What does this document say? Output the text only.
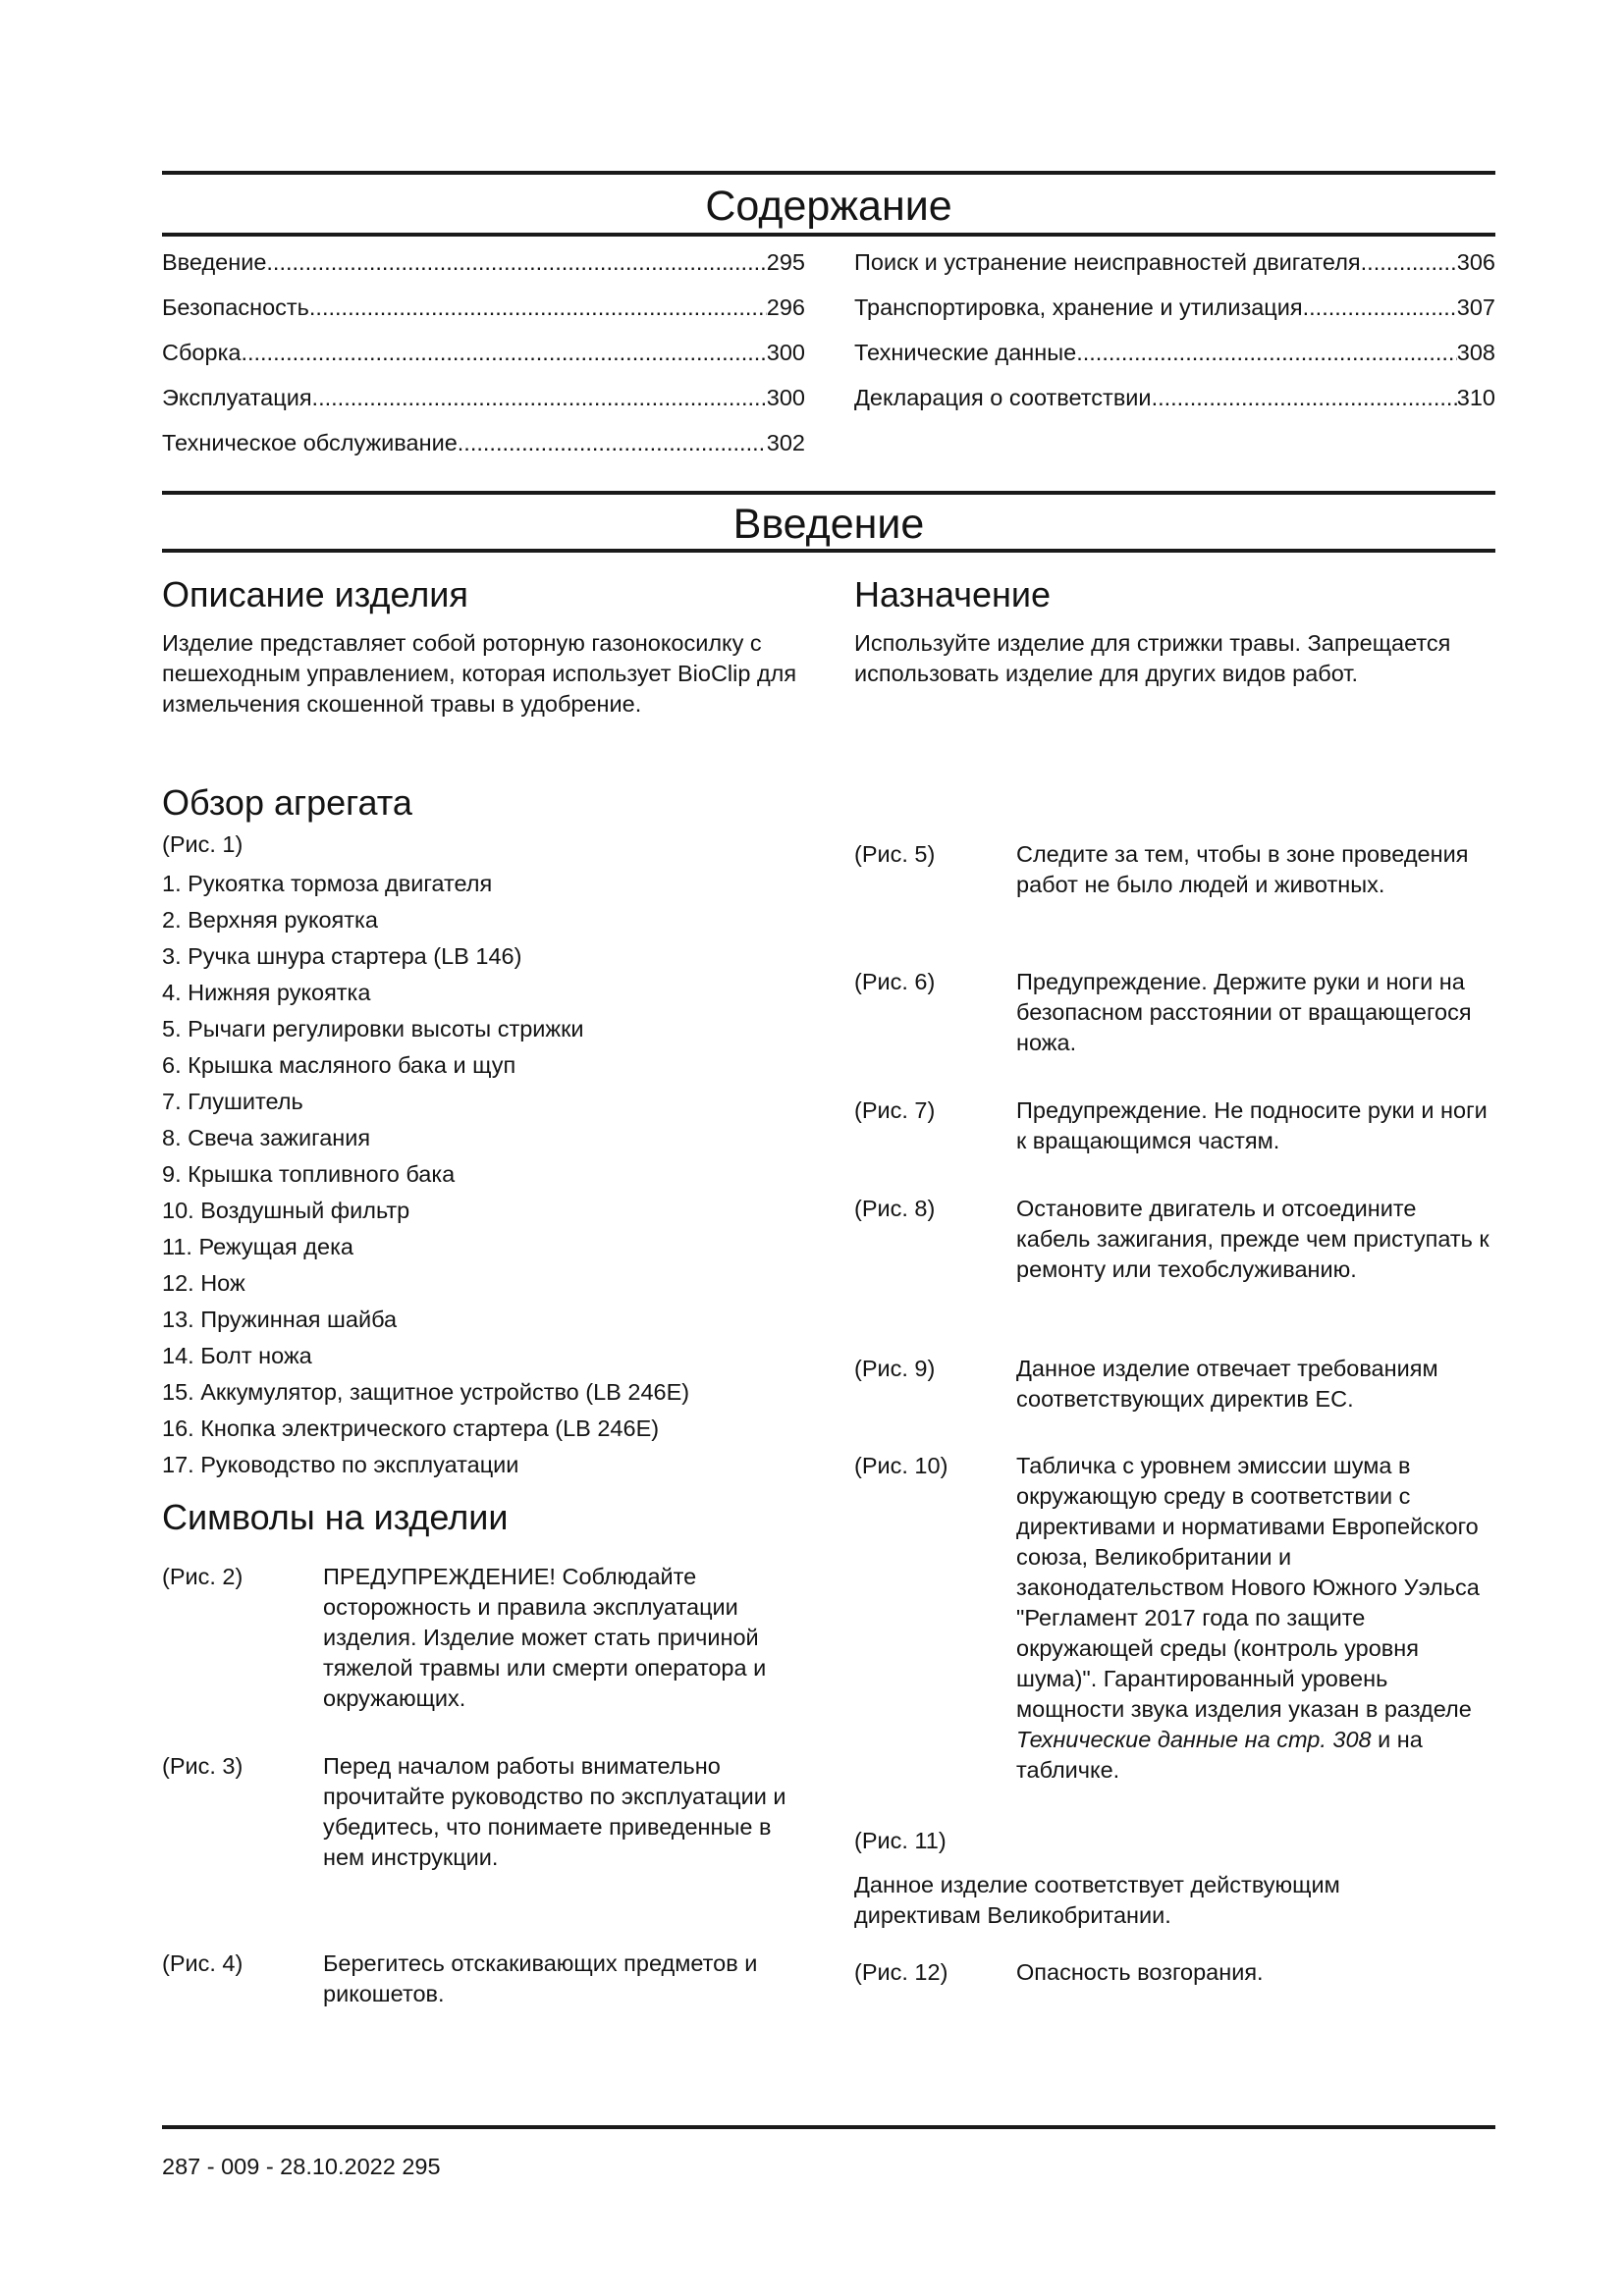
Содержание
Введение .....	295
Безопасность .....	296
Сборка .....	300
Эксплуатация .....	300
Техническое обслуживание .....	302
Поиск и устранение неисправностей двигателя .....	306
Транспортировка, хранение и утилизация .....	307
Технические данные .....	308
Декларация о соответствии .....	310
Введение
Описание изделия

Изделие представляет собой роторную газонокосилку с пешеходным управлением, которая использует BioClip для измельчения скошенной травы в удобрение.

Назначение

Используйте изделие для стрижки травы. Запрещается использовать изделие для других видов работ.

Обзор агрегата

(Рис. 1)

1. Рукоятка тормоза двигателя
2. Верхняя рукоятка
3. Ручка шнура стартера (LB 146)
4. Нижняя рукоятка
5. Рычаги регулировки высоты стрижки
6. Крышка масляного бака и щуп
7. Глушитель
8. Свеча зажигания
9. Крышка топливного бака
10. Воздушный фильтр
11. Режущая дека
12. Нож
13. Пружинная шайба
14. Болт ножа
15. Аккумулятор, защитное устройство (LB 246E)
16. Кнопка электрического стартера (LB 246E)
17. Руководство по эксплуатации
Символы на изделии
(Рис. 2)	ПРЕДУПРЕЖДЕНИЕ! Соблюдайте осторожность и правила эксплуатации изделия. Изделие может стать причиной тяжелой травмы или смерти оператора и окружающих.
(Рис. 3)	Перед началом работы внимательно прочитайте руководство по эксплуатации и убедитесь, что понимаете приведенные в нем инструкции.
(Рис. 4)	Берегитесь отскакивающих предметов и рикошетов.
(Рис. 5)	Следите за тем, чтобы в зоне проведения работ не было людей и животных.
(Рис. 6)	Предупреждение. Держите руки и ноги на безопасном расстоянии от вращающегося ножа.
(Рис. 7)	Предупреждение. Не подносите руки и ноги к вращающимся частям.
(Рис. 8)	Остановите двигатель и отсоедините кабель зажигания, прежде чем приступать к ремонту или техобслуживанию.
(Рис. 9)	Данное изделие отвечает требованиям соответствующих директив ЕС.
(Рис. 10)	Табличка с уровнем эмиссии шума в окружающую среду в соответствии с директивами и нормативами Европейского союза, Великобритании и законодательством Нового Южного Уэльса "Регламент 2017 года по защите окружающей среды (контроль уровня шума)". Гарантированный уровень мощности звука изделия указан в разделе Технические данные на стр. 308 и на табличке.

(Рис. 11)

Данное изделие соответствует действующим директивам Великобритании.

(Рис. 12)	Опасность возгорания.
287 - 009 - 28.10.2022 295
